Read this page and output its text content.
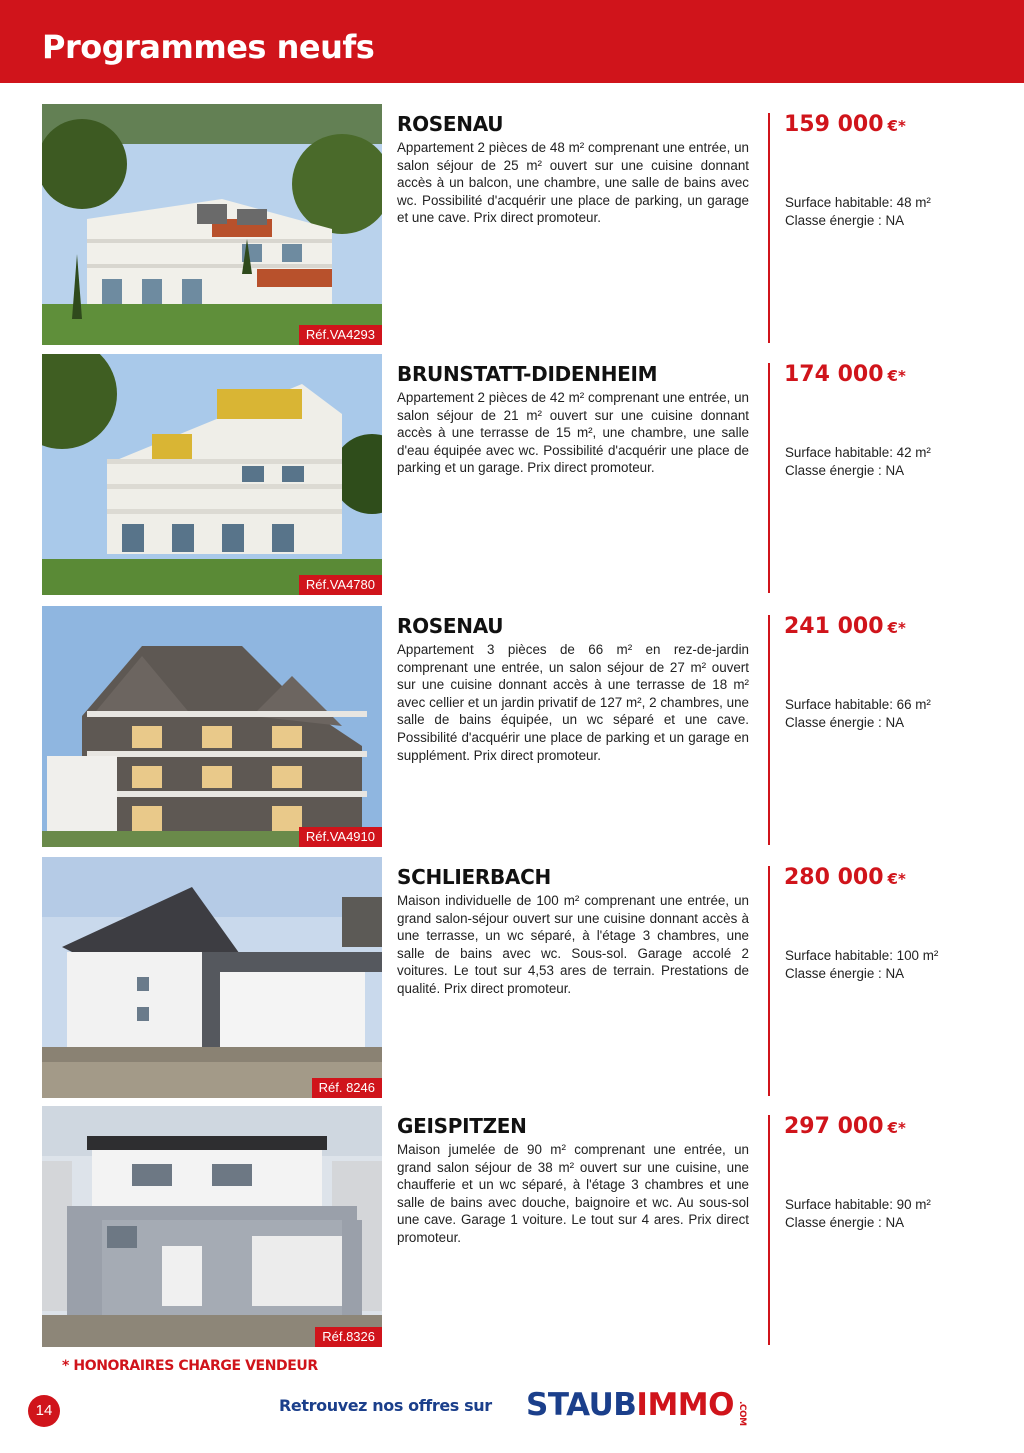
Programmes neufs
Réf.VA4293
ROSENAU
Appartement 2 pièces de 48 m² comprenant une entrée, un salon séjour de 25 m² ouvert sur une cuisine donnant accès à un balcon, une chambre, une salle de bains avec wc. Possibilité d'acquérir une place de parking, un garage et une cave. Prix direct promoteur.
159 000 €*
Surface habitable: 48 m²
Classe énergie : NA
Réf.VA4780
BRUNSTATT-DIDENHEIM
Appartement 2 pièces de 42 m² comprenant une entrée, un salon séjour de 21 m² ouvert sur une cuisine donnant accès à une terrasse de 15 m², une chambre, une salle d'eau équipée avec wc. Possibilité d'acquérir une place de parking et un garage. Prix direct promoteur.
174 000 €*
Surface habitable: 42 m²
Classe énergie : NA
Réf.VA4910
ROSENAU
Appartement 3 pièces de 66 m² en rez-de-jardin comprenant une entrée, un salon séjour de 27 m² ouvert sur une cuisine donnant accès à une terrasse de 18 m² avec cellier et un jardin privatif de 127 m², 2 chambres, une salle de bains équipée, un wc séparé et une cave. Possibilité d'acquérir une place de parking et un garage en supplément. Prix direct promoteur.
241 000 €*
Surface habitable: 66 m²
Classe énergie : NA
Réf. 8246
SCHLIERBACH
Maison individuelle de 100 m² comprenant une entrée, un grand salon-séjour ouvert sur une cuisine donnant accès à une terrasse, un wc séparé, à l'étage 3 chambres, une salle de bains avec wc. Sous-sol. Garage accolé 2 voitures. Le tout sur 4,53 ares de terrain. Prestations de qualité. Prix direct promoteur.
280 000 €*
Surface habitable: 100 m²
Classe énergie : NA
Réf.8326
GEISPITZEN
Maison jumelée de 90 m² comprenant une entrée, un grand salon séjour de 38 m² ouvert sur une cuisine, une chaufferie et un wc séparé, à l'étage 3 chambres et une salle de bains avec douche, baignoire et wc. Au sous-sol une cave. Garage 1 voiture. Le tout sur 4 ares. Prix direct promoteur.
297 000 €*
Surface habitable: 90 m²
Classe énergie : NA
* HONORAIRES CHARGE VENDEUR
14	Retrouvez nos offres sur STAUBIMMO .COM
